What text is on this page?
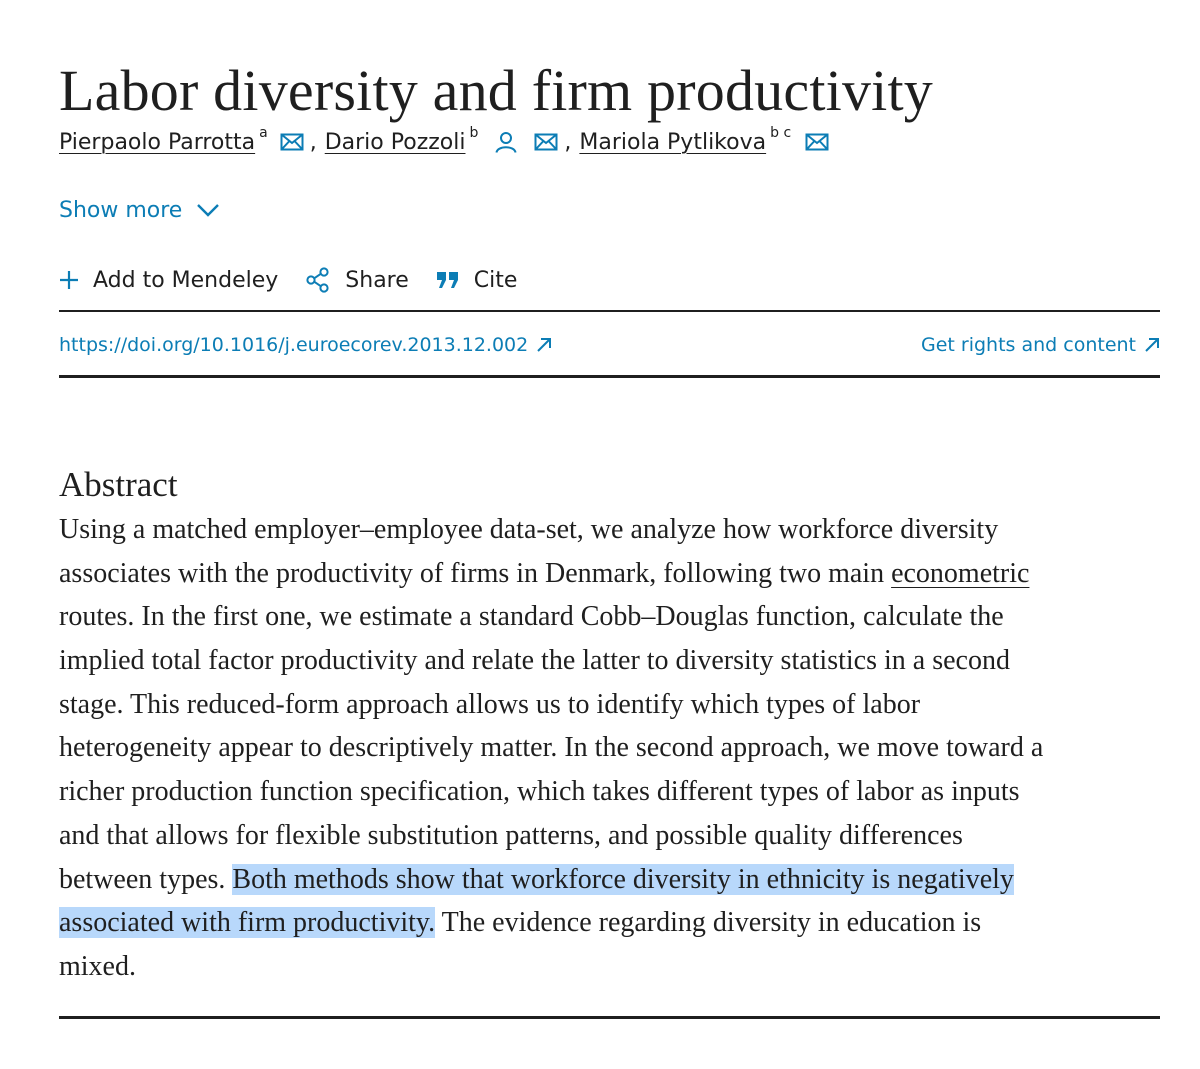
Labor diversity and firm productivity
Pierpaolo Parrotta a , Dario Pozzoli b	, Mariola Pytlikova b c
Show more
Add to Mendeley	Share	Cite
https://doi.org/10.1016/j.euroecorev.2013.12.002	Get rights and content
Abstract
Using a matched employer–employee data-set, we analyze how workforce diversity
associates with the productivity of firms in Denmark, following two main econometric
routes. In the first one, we estimate a standard Cobb–Douglas function, calculate the
implied total factor productivity and relate the latter to diversity statistics in a second
stage. This reduced-form approach allows us to identify which types of labor
heterogeneity appear to descriptively matter. In the second approach, we move toward a
richer production function specification, which takes different types of labor as inputs
and that allows for flexible substitution patterns, and possible quality differences
between types. Both methods show that workforce diversity in ethnicity is negatively
associated with firm productivity. The evidence regarding diversity in education is
mixed.
